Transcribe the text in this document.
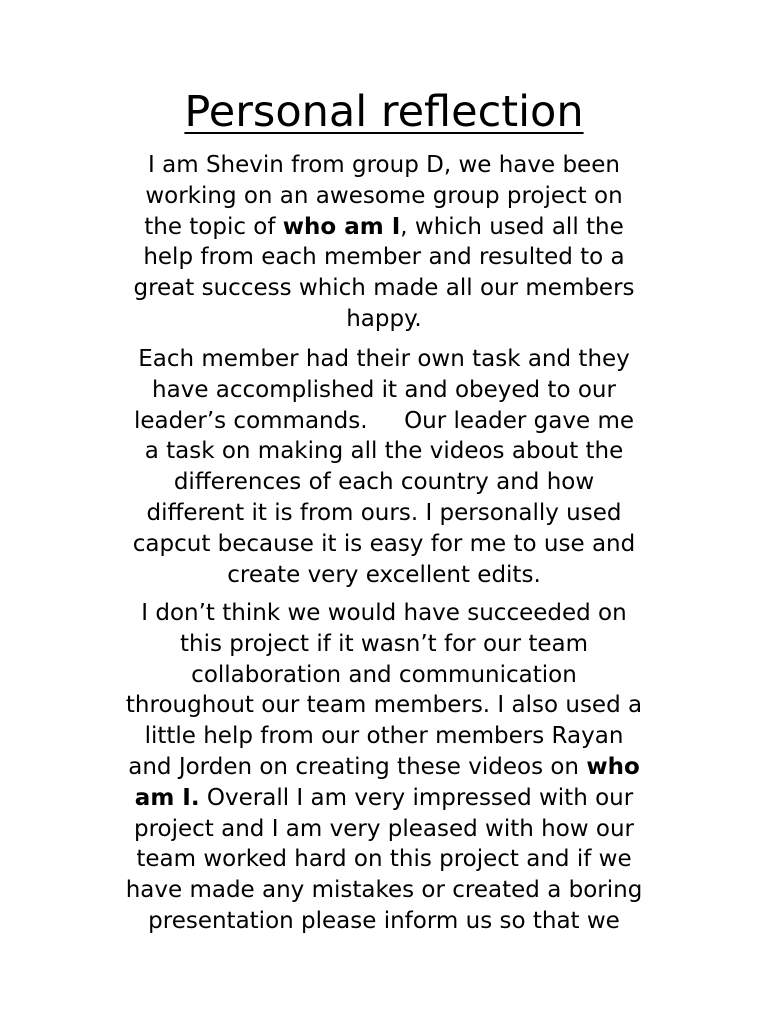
Personal reflection

I am Shevin from group D, we have been
working on an awesome group project on
the topic of who am I, which used all the
help from each member and resulted to a
great success which made all our members
happy.

Each member had their own task and they
have accomplished it and obeyed to our
leader’s commands.     Our leader gave me
a task on making all the videos about the
differences of each country and how
different it is from ours. I personally used
capcut because it is easy for me to use and
create very excellent edits.

I don’t think we would have succeeded on
this project if it wasn’t for our team
collaboration and communication
throughout our team members. I also used a
little help from our other members Rayan
and Jorden on creating these videos on who
am I. Overall I am very impressed with our
project and I am very pleased with how our
team worked hard on this project and if we
have made any mistakes or created a boring
presentation please inform us so that we
